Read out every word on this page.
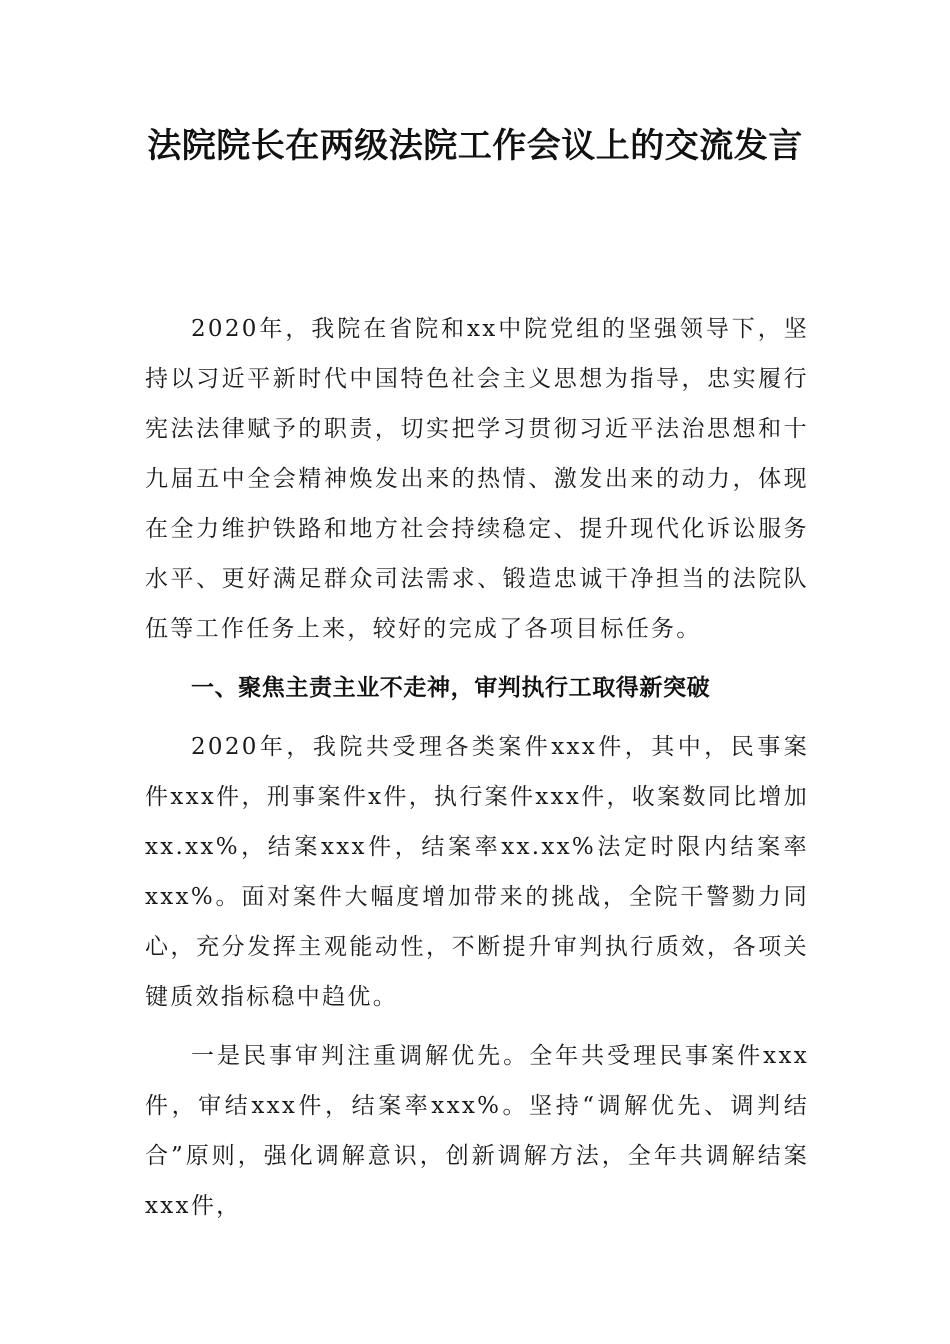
法院院长在两级法院工作会议上的交流发言

2020年，我院在省院和xx中院党组的坚强领导下，坚持以习近平新时代中国特色社会主义思想为指导，忠实履行宪法法律赋予的职责，切实把学习贯彻习近平法治思想和十九届五中全会精神焕发出来的热情、激发出来的动力，体现在全力维护铁路和地方社会持续稳定、提升现代化诉讼服务水平、更好满足群众司法需求、锻造忠诚干净担当的法院队伍等工作任务上来，较好的完成了各项目标任务。

一、聚焦主责主业不走神，审判执行工取得新突破

2020年，我院共受理各类案件xxx件，其中，民事案件xxx件，刑事案件x件，执行案件xxx件，收案数同比增加xx.xx%，结案xxx件，结案率xx.xx%法定时限内结案率xxx%。面对案件大幅度增加带来的挑战，全院干警勠力同心，充分发挥主观能动性，不断提升审判执行质效，各项关键质效指标稳中趋优。

一是民事审判注重调解优先。全年共受理民事案件xxx件，审结xxx件，结案率xxx%。坚持“调解优先、调判结合”原则，强化调解意识，创新调解方法，全年共调解结案xxx件，
